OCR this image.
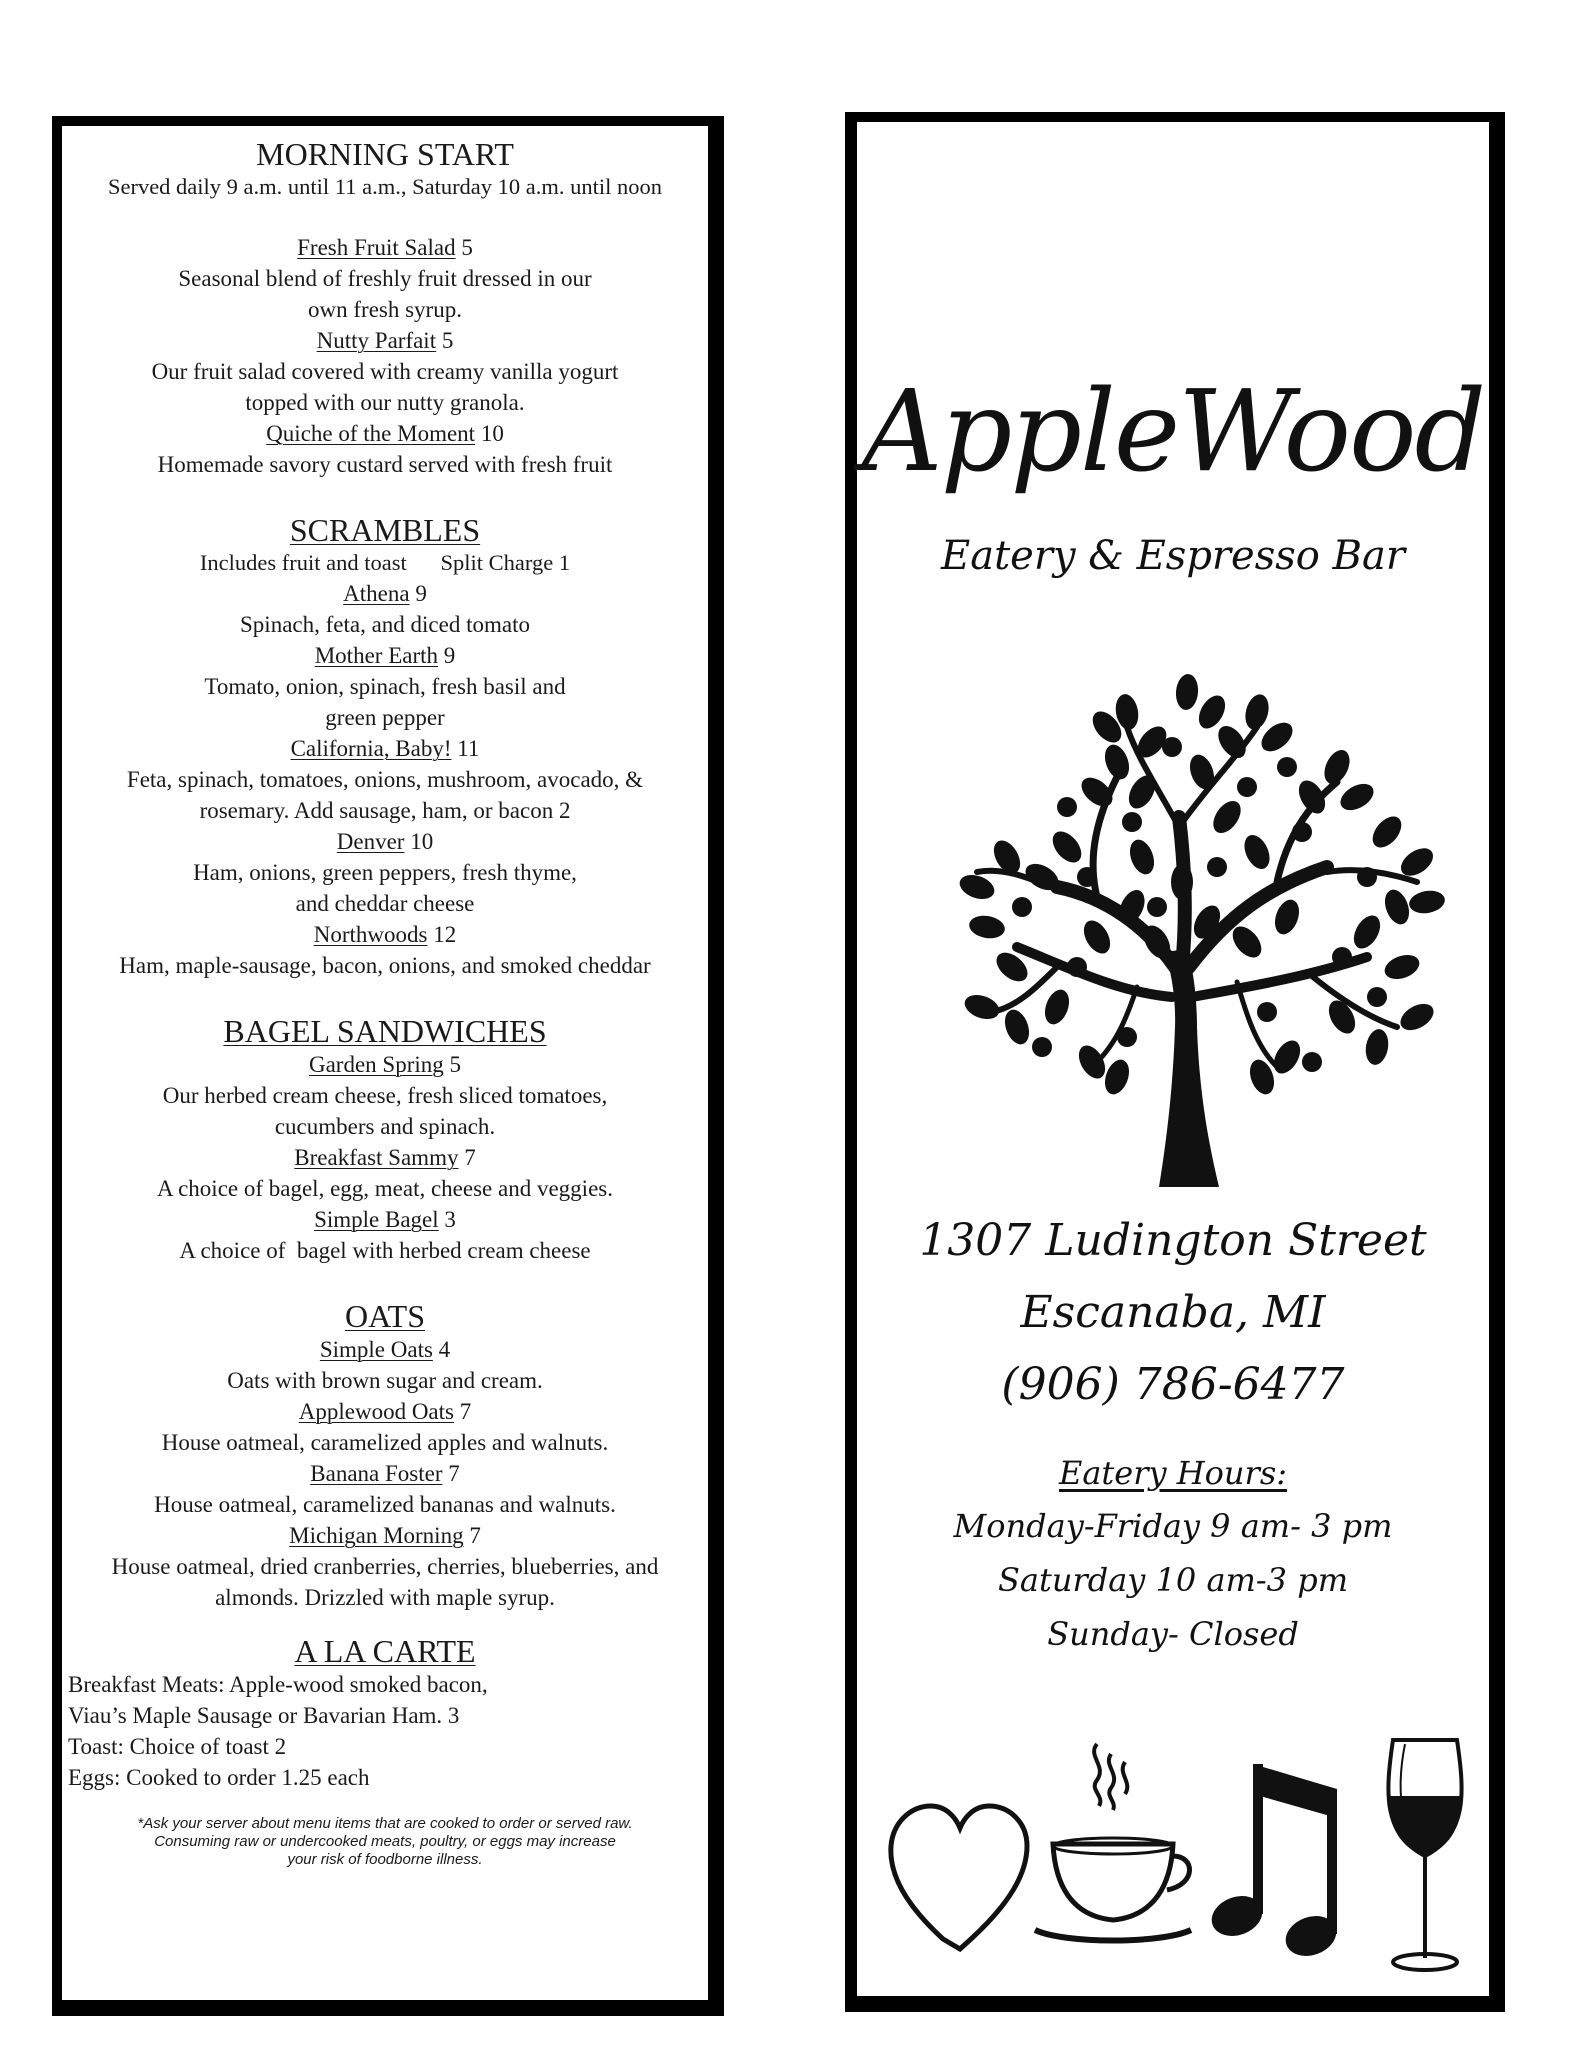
MORNING START
Served daily 9 a.m. until 11 a.m., Saturday 10 a.m. until noon
Fresh Fruit Salad 5
Seasonal blend of freshly fruit dressed in our
own fresh syrup.
Nutty Parfait 5
Our fruit salad covered with creamy vanilla yogurt
topped with our nutty granola.
Quiche of the Moment 10
Homemade savory custard served with fresh fruit
SCRAMBLES
Includes fruit and toast      Split Charge 1
Athena 9
Spinach, feta, and diced tomato
Mother Earth 9
Tomato, onion, spinach, fresh basil and
green pepper
California, Baby! 11
Feta, spinach, tomatoes, onions, mushroom, avocado, &
rosemary. Add sausage, ham, or bacon 2
Denver 10
Ham, onions, green peppers, fresh thyme,
and cheddar cheese
Northwoods 12
Ham, maple-sausage, bacon, onions, and smoked cheddar
BAGEL SANDWICHES
Garden Spring 5
Our herbed cream cheese, fresh sliced tomatoes,
cucumbers and spinach.
Breakfast Sammy 7
A choice of bagel, egg, meat, cheese and veggies.
Simple Bagel 3
A choice of  bagel with herbed cream cheese
OATS
Simple Oats 4
Oats with brown sugar and cream.
Applewood Oats 7
House oatmeal, caramelized apples and walnuts.
Banana Foster 7
House oatmeal, caramelized bananas and walnuts.
Michigan Morning 7
House oatmeal, dried cranberries, cherries, blueberries, and
almonds. Drizzled with maple syrup.
A LA CARTE
Breakfast Meats: Apple-wood smoked bacon,
Viau’s Maple Sausage or Bavarian Ham. 3
Toast: Choice of toast 2
Eggs: Cooked to order 1.25 each
*Ask your server about menu items that are cooked to order or served raw.
Consuming raw or undercooked meats, poultry, or eggs may increase
your risk of foodborne illness.
AppleWood
Eatery & Espresso Bar
1307 Ludington Street
Escanaba, MI
(906) 786-6477
Eatery Hours:
Monday-Friday 9 am- 3 pm
Saturday 10 am-3 pm
Sunday- Closed
